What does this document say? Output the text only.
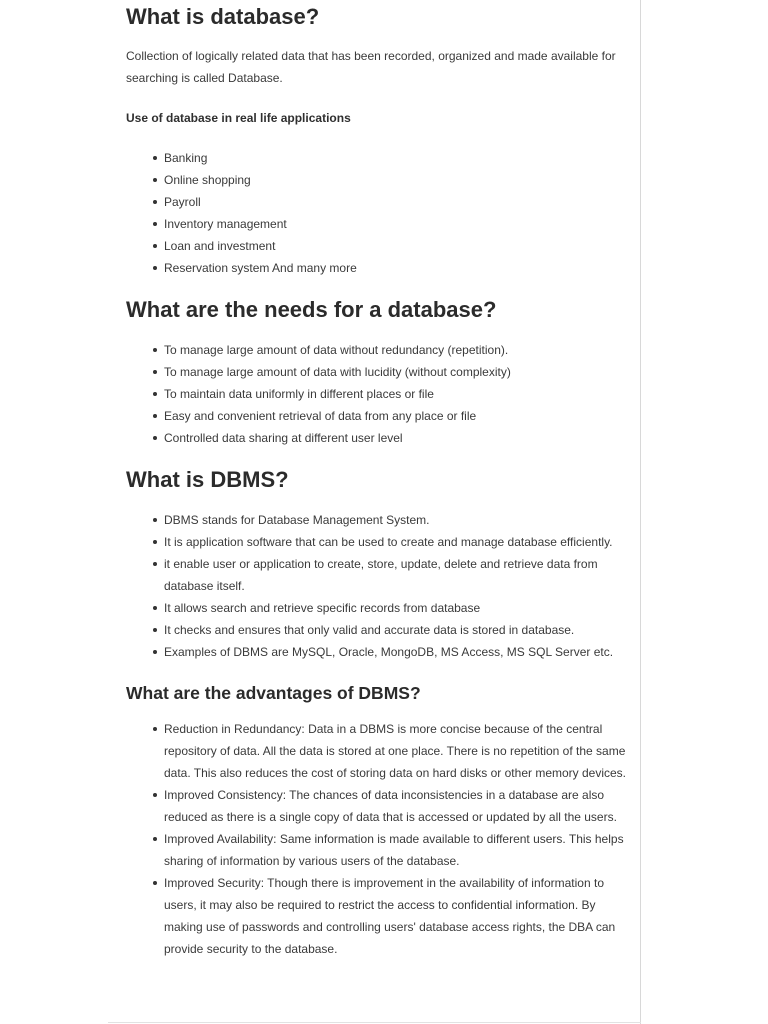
What is database?

Collection of logically related data that has been recorded, organized and made available for searching is called Database.

Use of database in real life applications

Banking
Online shopping
Payroll
Inventory management
Loan and investment
Reservation system And many more
What are the needs for a database?
To manage large amount of data without redundancy (repetition).
To manage large amount of data with lucidity (without complexity)
To maintain data uniformly in different places or file
Easy and convenient retrieval of data from any place or file
Controlled data sharing at different user level
What is DBMS?
DBMS stands for Database Management System.
It is application software that can be used to create and manage database efficiently.
it enable user or application to create, store, update, delete and retrieve data from database itself.
It allows search and retrieve specific records from database
It checks and ensures that only valid and accurate data is stored in database.
Examples of DBMS are MySQL, Oracle, MongoDB, MS Access, MS SQL Server etc.
What are the advantages of DBMS?
Reduction in Redundancy: Data in a DBMS is more concise because of the central repository of data. All the data is stored at one place. There is no repetition of the same data. This also reduces the cost of storing data on hard disks or other memory devices.
Improved Consistency: The chances of data inconsistencies in a database are also reduced as there is a single copy of data that is accessed or updated by all the users.
Improved Availability: Same information is made available to different users. This helps sharing of information by various users of the database.
Improved Security: Though there is improvement in the availability of information to users, it may also be required to restrict the access to confidential information. By making use of passwords and controlling users' database access rights, the DBA can provide security to the database.
